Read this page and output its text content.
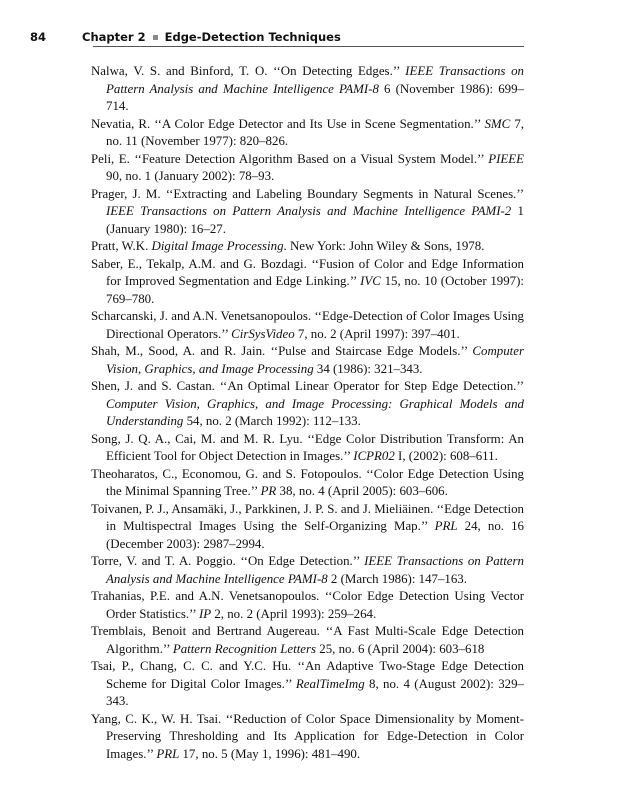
84	Chapter 2 Edge-Detection Techniques

Nalwa, V. S. and Binford, T. O. ‘‘On Detecting Edges.’’ IEEE Transactions on Pattern Analysis and Machine Intelligence PAMI-8 6 (November 1986): 699–714.

Nevatia, R. ‘‘A Color Edge Detector and Its Use in Scene Segmentation.’’ SMC 7, no. 11 (November 1977): 820–826.

Peli, E. ‘‘Feature Detection Algorithm Based on a Visual System Model.’’ PIEEE 90, no. 1 (January 2002): 78–93.

Prager, J. M. ‘‘Extracting and Labeling Boundary Segments in Natural Scenes.’’ IEEE Transactions on Pattern Analysis and Machine Intelligence PAMI-2 1 (January 1980): 16–27.

Pratt, W.K. Digital Image Processing. New York: John Wiley & Sons, 1978.

Saber, E., Tekalp, A.M. and G. Bozdagi. ‘‘Fusion of Color and Edge Information for Improved Segmentation and Edge Linking.’’ IVC 15, no. 10 (October 1997): 769–780.

Scharcanski, J. and A.N. Venetsanopoulos. ‘‘Edge-Detection of Color Images Using Directional Operators.’’ CirSysVideo 7, no. 2 (April 1997): 397–401.

Shah, M., Sood, A. and R. Jain. ‘‘Pulse and Staircase Edge Models.’’ Computer Vision, Graphics, and Image Processing 34 (1986): 321–343.

Shen, J. and S. Castan. ‘‘An Optimal Linear Operator for Step Edge Detection.’’ Computer Vision, Graphics, and Image Processing: Graphical Models and Understanding 54, no. 2 (March 1992): 112–133.

Song, J. Q. A., Cai, M. and M. R. Lyu. ‘‘Edge Color Distribution Transform: An Efficient Tool for Object Detection in Images.’’ ICPR02 I, (2002): 608–611.

Theoharatos, C., Economou, G. and S. Fotopoulos. ‘‘Color Edge Detection Using the Minimal Spanning Tree.’’ PR 38, no. 4 (April 2005): 603–606.

Toivanen, P. J., Ansamäki, J., Parkkinen, J. P. S. and J. Mieliäinen. ‘‘Edge Detection in Multispectral Images Using the Self-Organizing Map.’’ PRL 24, no. 16 (December 2003): 2987–2994.

Torre, V. and T. A. Poggio. ‘‘On Edge Detection.’’ IEEE Transactions on Pattern Analysis and Machine Intelligence PAMI-8 2 (March 1986): 147–163.

Trahanias, P.E. and A.N. Venetsanopoulos. ‘‘Color Edge Detection Using Vector Order Statistics.’’ IP 2, no. 2 (April 1993): 259–264.

Tremblais, Benoit and Bertrand Augereau. ‘‘A Fast Multi-Scale Edge Detection Algorithm.’’ Pattern Recognition Letters 25, no. 6 (April 2004): 603–618

Tsai, P., Chang, C. C. and Y.C. Hu. ‘‘An Adaptive Two-Stage Edge Detection Scheme for Digital Color Images.’’ RealTimeImg 8, no. 4 (August 2002): 329–343.

Yang, C. K., W. H. Tsai. ‘‘Reduction of Color Space Dimensionality by Moment-Preserving Thresholding and Its Application for Edge-Detection in Color Images.’’ PRL 17, no. 5 (May 1, 1996): 481–490.
